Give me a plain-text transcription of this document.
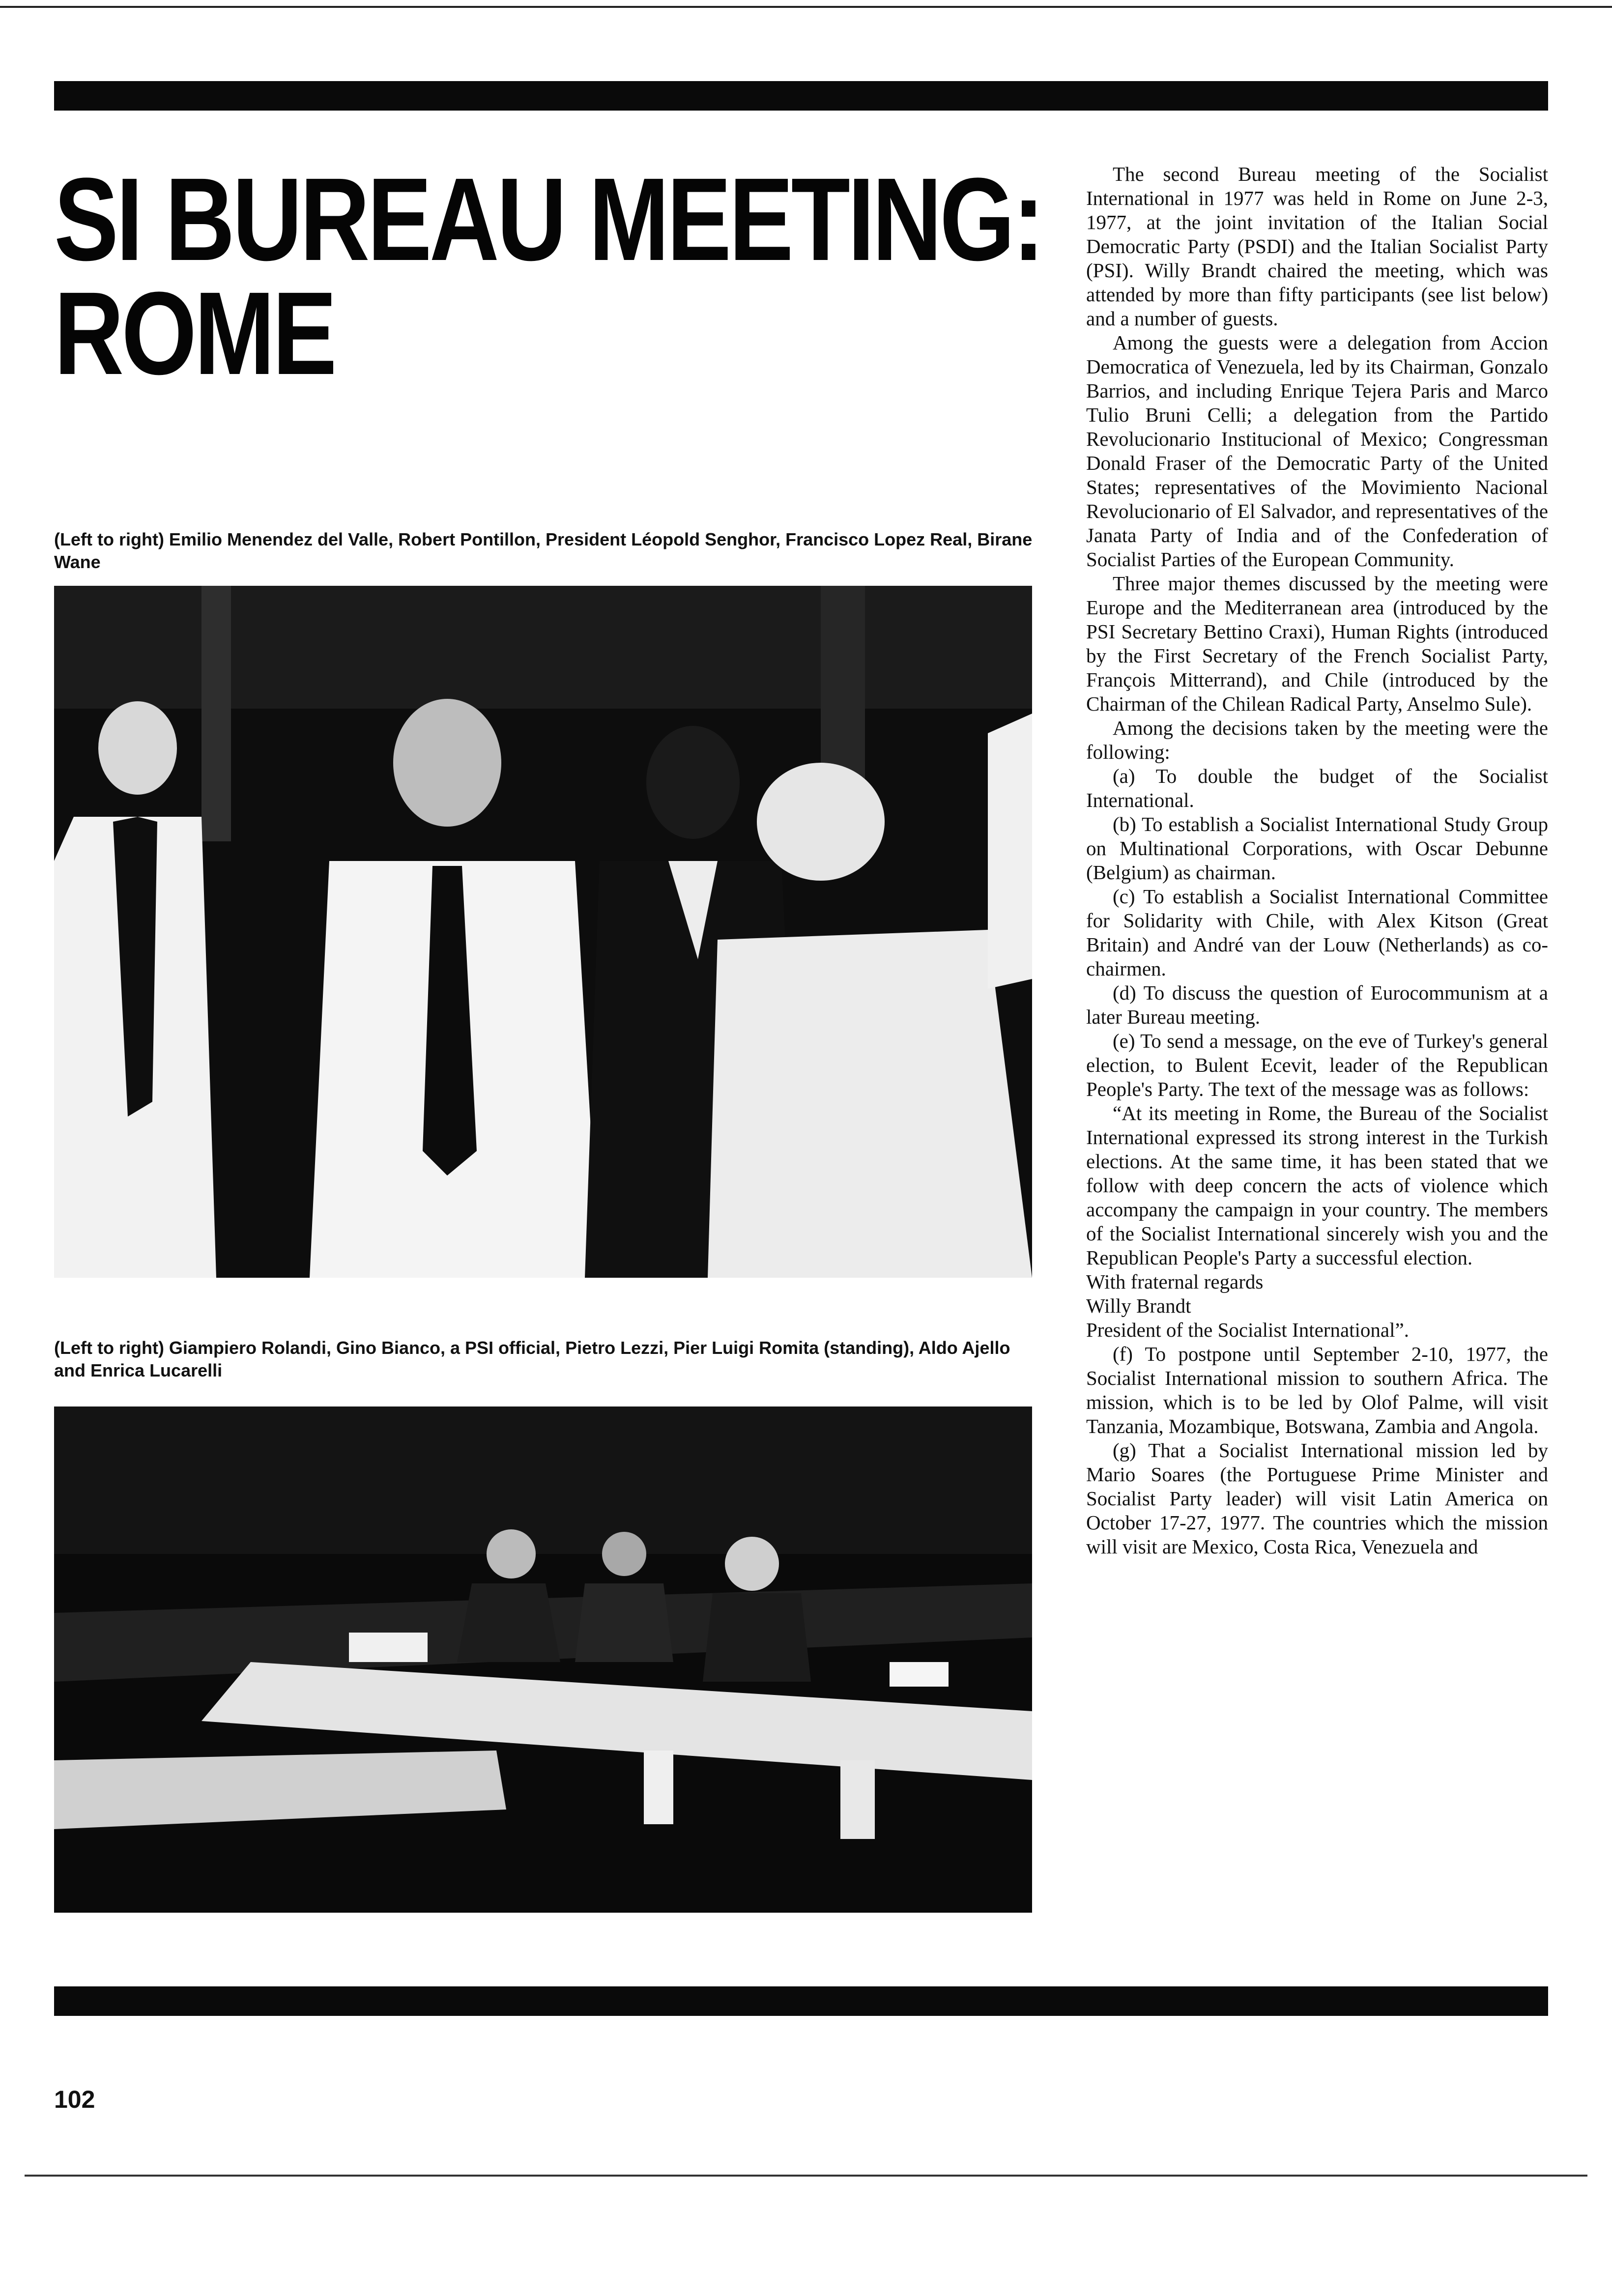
SI BUREAU MEETING:
ROME

(Left to right) Emilio Menendez del Valle, Robert Pontillon, President Léopold Senghor, Francisco Lopez Real, Birane Wane

(Left to right) Giampiero Rolandi, Gino Bianco, a PSI official, Pietro Lezzi, Pier Luigi Romita (standing), Aldo Ajello and Enrica Lucarelli

The second Bureau meeting of the Socialist International in 1977 was held in Rome on June 2-3, 1977, at the joint invitation of the Italian Social Democratic Party (PSDI) and the Italian Socialist Party (PSI). Willy Brandt chaired the meeting, which was attended by more than fifty participants (see list below) and a number of guests.

Among the guests were a delegation from Accion Democratica of Venezuela, led by its Chairman, Gonzalo Barrios, and including Enrique Tejera Paris and Marco Tulio Bruni Celli; a delegation from the Partido Revolucionario Institucional of Mexico; Congressman Donald Fraser of the Democratic Party of the United States; representatives of the Movimiento Nacional Revolucionario of El Salvador, and representatives of the Janata Party of India and of the Confederation of Socialist Parties of the European Community.

Three major themes discussed by the meeting were Europe and the Mediterranean area (introduced by the PSI Secretary Bettino Craxi), Human Rights (introduced by the First Secretary of the French Socialist Party, François Mitterrand), and Chile (introduced by the Chairman of the Chilean Radical Party, Anselmo Sule).

Among the decisions taken by the meeting were the following:

(a) To double the budget of the Socialist International.

(b) To establish a Socialist International Study Group on Multinational Corporations, with Oscar Debunne (Belgium) as chairman.

(c) To establish a Socialist International Committee for Solidarity with Chile, with Alex Kitson (Great Britain) and André van der Louw (Netherlands) as co-chairmen.

(d) To discuss the question of Eurocommunism at a later Bureau meeting.

(e) To send a message, on the eve of Turkey's general election, to Bulent Ecevit, leader of the Republican People's Party. The text of the message was as follows:

“At its meeting in Rome, the Bureau of the Socialist International expressed its strong interest in the Turkish elections. At the same time, it has been stated that we follow with deep concern the acts of violence which accompany the campaign in your country. The members of the Socialist International sincerely wish you and the Republican People's Party a successful election.

With fraternal regards

Willy Brandt

President of the Socialist International”.

(f) To postpone until September 2-10, 1977, the Socialist International mission to southern Africa. The mission, which is to be led by Olof Palme, will visit Tanzania, Mozambique, Botswana, Zambia and Angola.

(g) That a Socialist International mission led by Mario Soares (the Portuguese Prime Minister and Socialist Party leader) will visit Latin America on October 17-27, 1977. The countries which the mission will visit are Mexico, Costa Rica, Venezuela and

102
